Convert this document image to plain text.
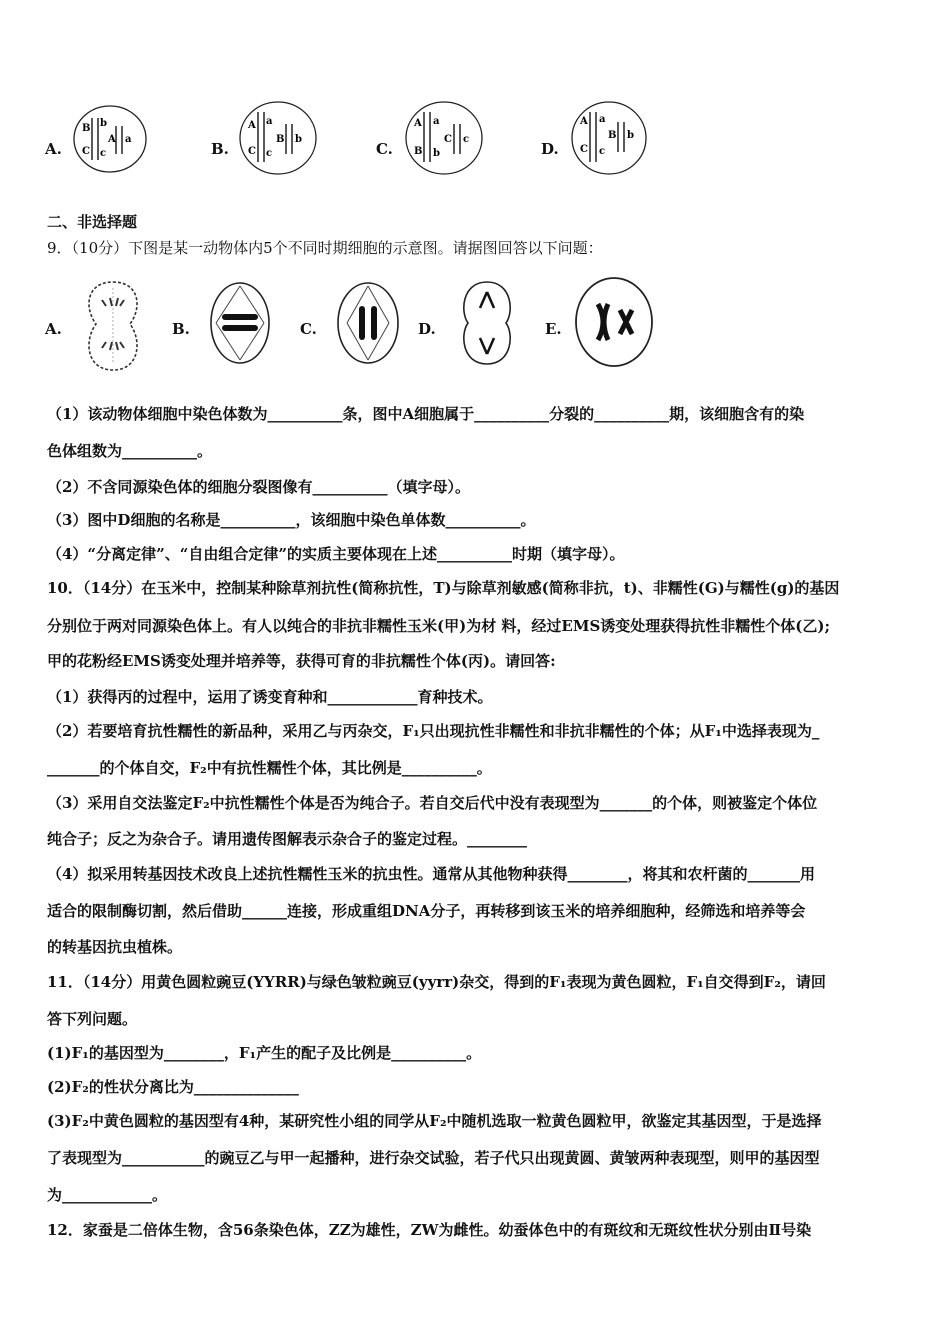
A.
B b
A a
C c	B.
A a
B b
C c	C.
A a
C c
B b	D.
A a
B b
C c
二、非选择题
9．（10分）下图是某一动物体内5个不同时期细胞的示意图。请据图回答以下问题：
A.	B.	C.	D.	E.
（1）该动物体细胞中染色体数为__________条，图中A细胞属于__________分裂的__________期，该细胞含有的染
色体组数为__________。
（2）不含同源染色体的细胞分裂图像有__________（填字母）。
（3）图中D细胞的名称是__________，该细胞中染色单体数__________。
（4）“分离定律”、“自由组合定律”的实质主要体现在上述__________时期（填字母）。
10．（14分）在玉米中，控制某种除草剂抗性(简称抗性，T)与除草剂敏感(简称非抗，t)、非糯性(G)与糯性(g)的基因
分别位于两对同源染色体上。有人以纯合的非抗非糯性玉米(甲)为材 料，经过EMS诱变处理获得抗性非糯性个体(乙);
甲的花粉经EMS诱变处理并培养等，获得可育的非抗糯性个体(丙)。请回答:
（1）获得丙的过程中，运用了诱变育种和____________育种技术。
（2）若要培育抗性糯性的新品种，采用乙与丙杂交，F₁只出现抗性非糯性和非抗非糯性的个体；从F₁中选择表现为_
_______的个体自交，F₂中有抗性糯性个体，其比例是__________。
（3）采用自交法鉴定F₂中抗性糯性个体是否为纯合子。若自交后代中没有表现型为_______的个体，则被鉴定个体位
纯合子；反之为杂合子。请用遗传图解表示杂合子的鉴定过程。________
（4）拟采用转基因技术改良上述抗性糯性玉米的抗虫性。通常从其他物种获得________，将其和农杆菌的_______用
适合的限制酶切割，然后借助______连接，形成重组DNA分子，再转移到该玉米的培养细胞种，经筛选和培养等会
的转基因抗虫植株。
11．（14分）用黄色圆粒豌豆(YYRR)与绿色皱粒豌豆(yyrr)杂交，得到的F₁表现为黄色圆粒，F₁自交得到F₂，请回
答下列问题。
(1)F₁的基因型为________，F₁产生的配子及比例是__________。
(2)F₂的性状分离比为______________
(3)F₂中黄色圆粒的基因型有4种，某研究性小组的同学从F₂中随机选取一粒黄色圆粒甲，欲鉴定其基因型，于是选择
了表现型为___________的豌豆乙与甲一起播种，进行杂交试验，若子代只出现黄圆、黄皱两种表现型，则甲的基因型
为____________。
12．家蚕是二倍体生物，含56条染色体，ZZ为雄性，ZW为雌性。幼蚕体色中的有斑纹和无斑纹性状分别由Ⅱ号染
